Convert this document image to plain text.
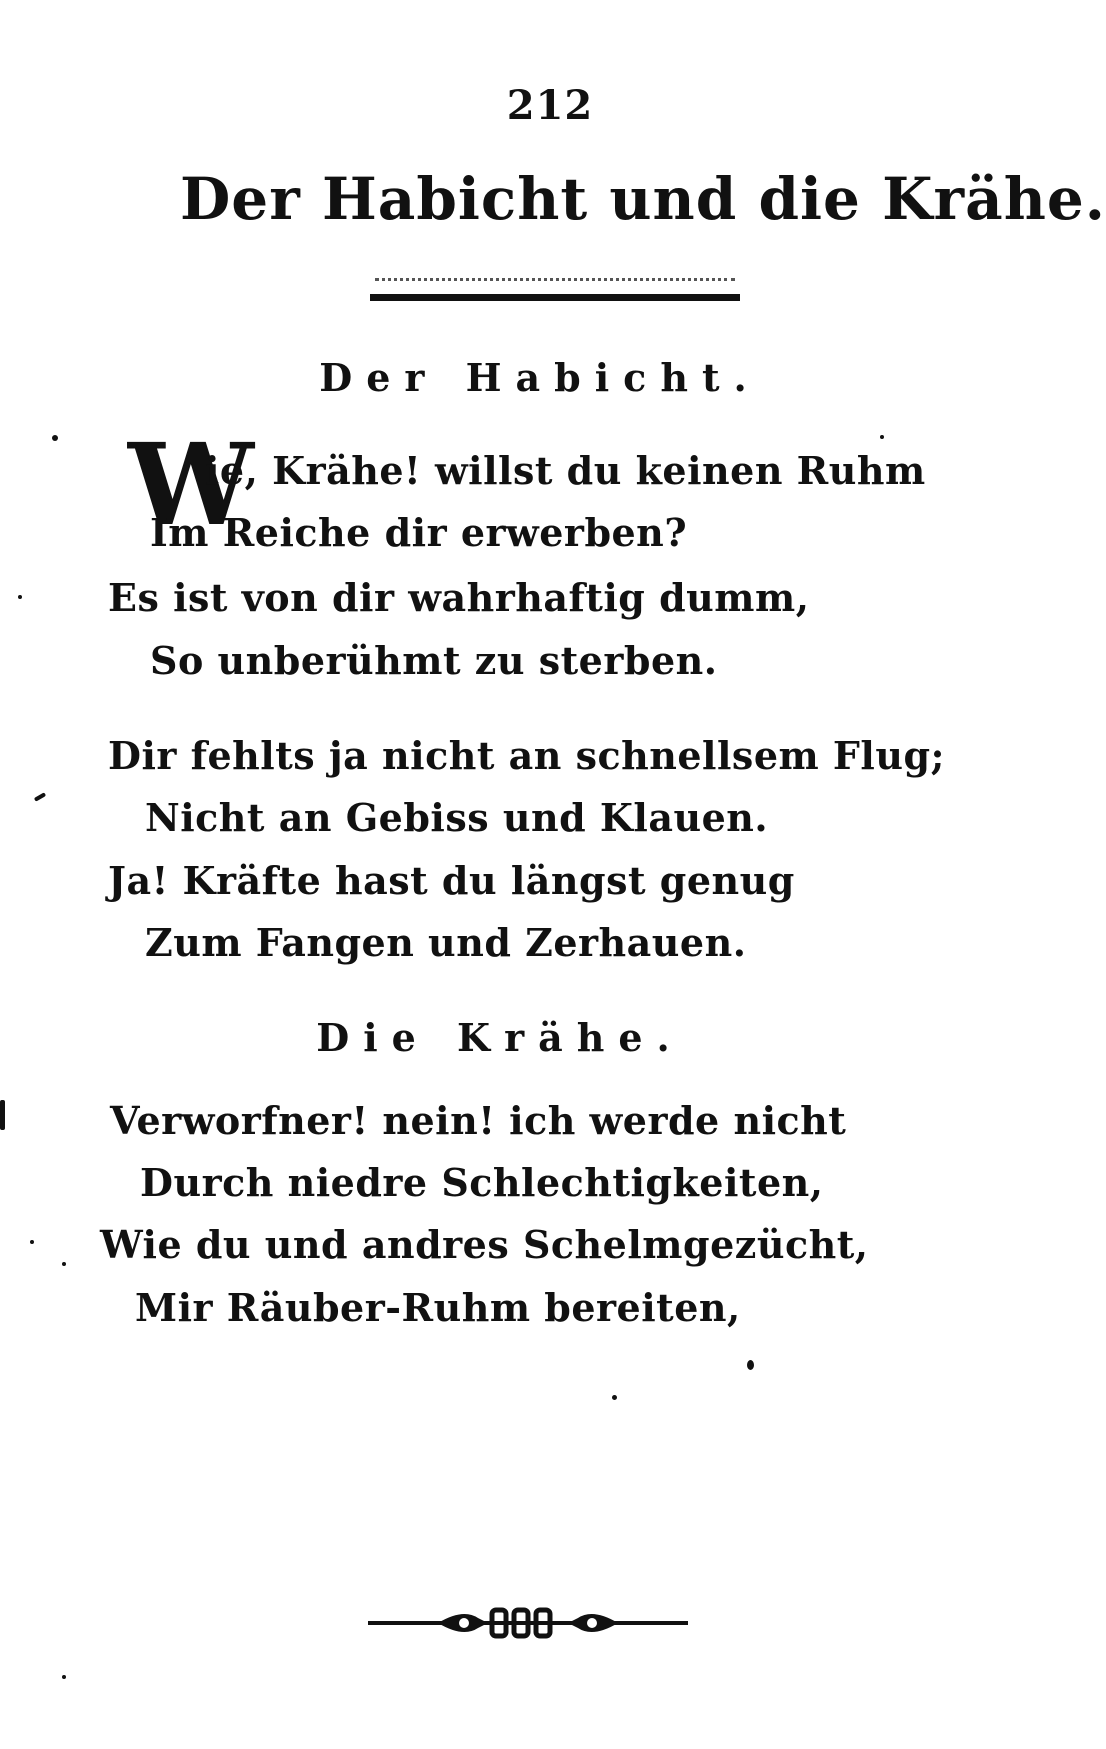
212
Der Habicht und die Krähe.
Der Habicht.
W
ie, Krähe! willst du keinen Ruhm
Im Reiche dir erwerben?
Es ist von dir wahrhaftig dumm,
So unberühmt zu sterben.
Dir fehlts ja nicht an schnellsem Flug;
Nicht an Gebiss und Klauen.
Ja! Kräfte hast du längst genug
Zum Fangen und Zerhauen.
Die Krähe.
Verworfner! nein! ich werde nicht
Durch niedre Schlechtigkeiten,
Wie du und andres Schelmgezücht,
Mir Räuber-Ruhm bereiten,
